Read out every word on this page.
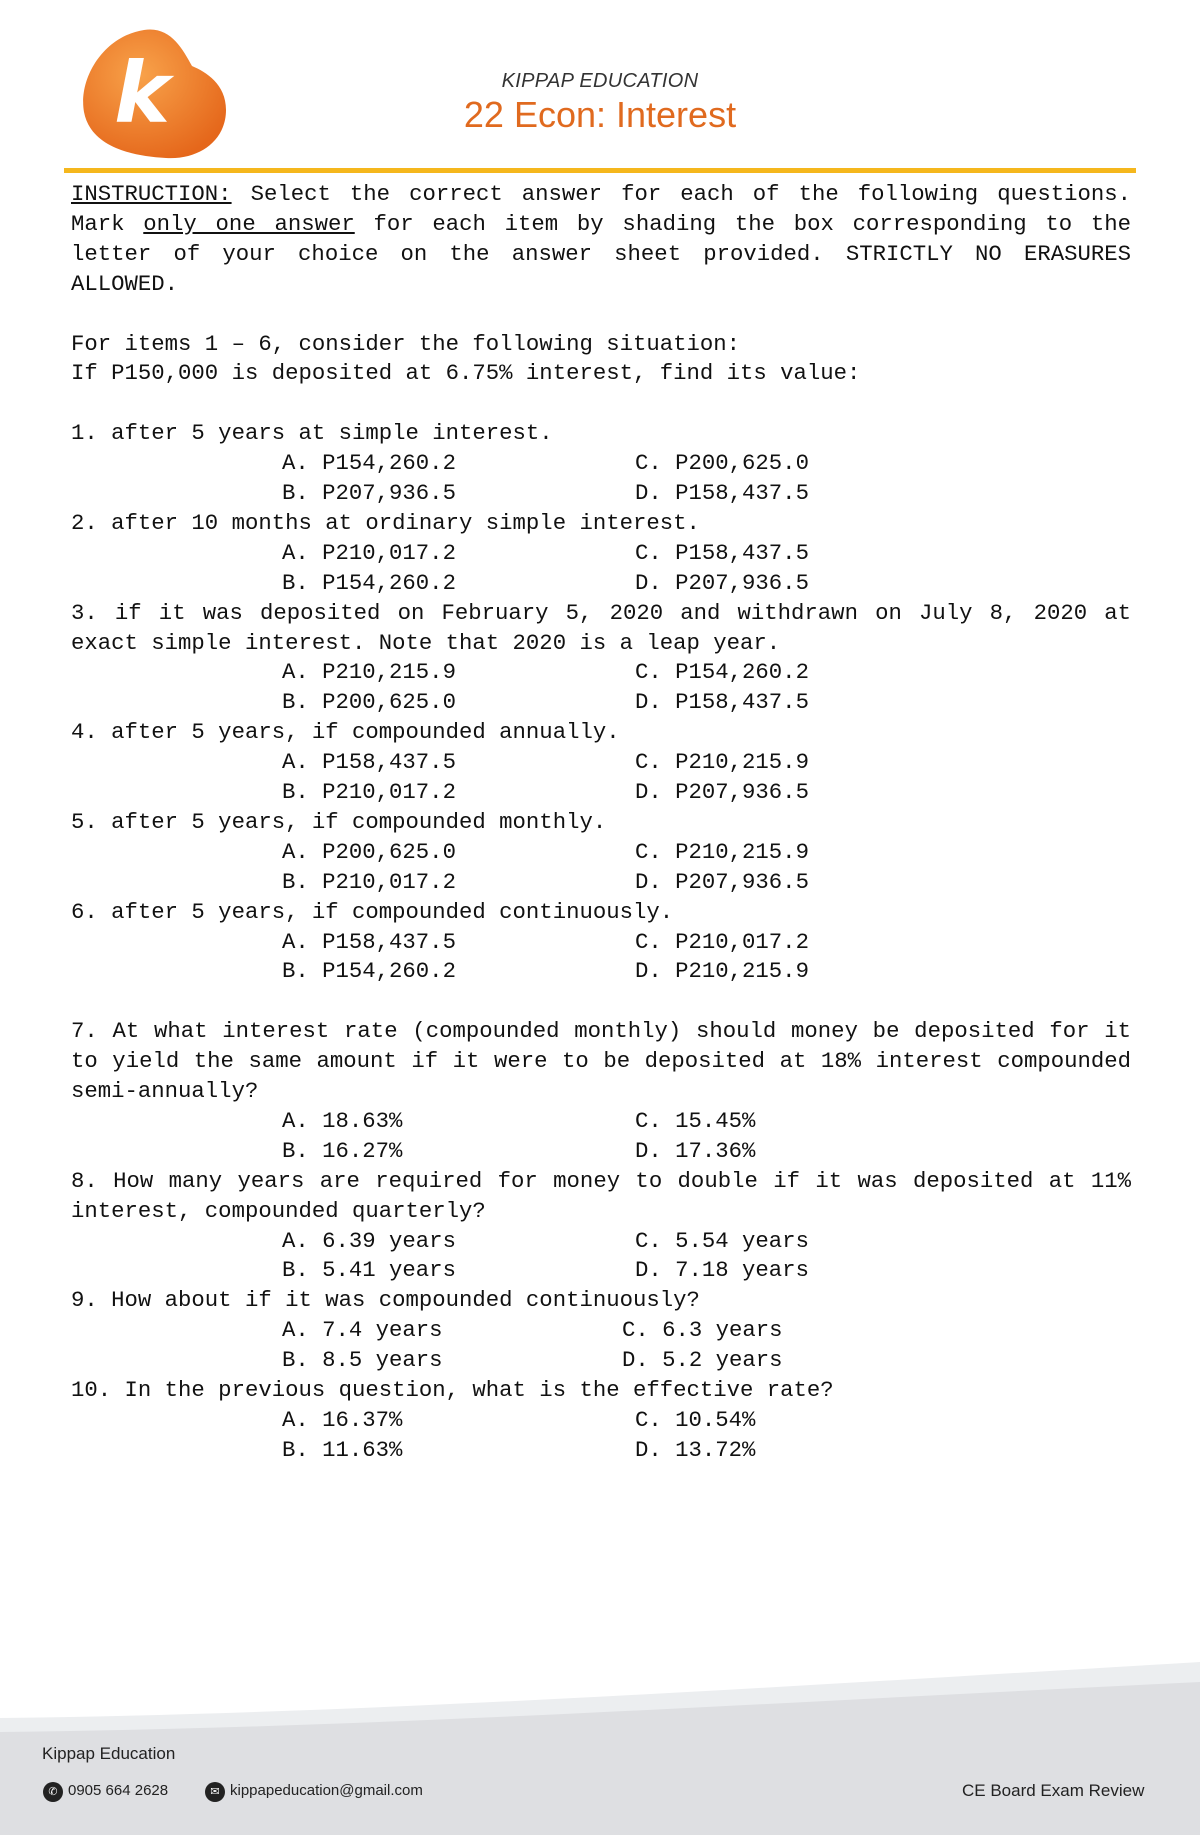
k	KIPPAP EDUCATION
22 Econ: Interest
INSTRUCTION: Select the correct answer for each of the following questions. Mark only one answer for each item by shading the box corresponding to the letter of your choice on the answer sheet provided. STRICTLY NO ERASURES ALLOWED.
For items 1 – 6, consider the following situation:
If P150,000 is deposited at 6.75% interest, find its value:
1. after 5 years at simple interest.
A. P154,260.2	C. P200,625.0
B. P207,936.5	D. P158,437.5
2. after 10 months at ordinary simple interest.
A. P210,017.2	C. P158,437.5
B. P154,260.2	D. P207,936.5
3. if it was deposited on February 5, 2020 and withdrawn on July 8, 2020 at exact simple interest. Note that 2020 is a leap year.
A. P210,215.9	C. P154,260.2
B. P200,625.0	D. P158,437.5
4. after 5 years, if compounded annually.
A. P158,437.5	C. P210,215.9
B. P210,017.2	D. P207,936.5
5. after 5 years, if compounded monthly.
A. P200,625.0	C. P210,215.9
B. P210,017.2	D. P207,936.5
6. after 5 years, if compounded continuously.
A. P158,437.5	C. P210,017.2
B. P154,260.2	D. P210,215.9
7. At what interest rate (compounded monthly) should money be deposited for it to yield the same amount if it were to be deposited at 18% interest compounded semi-annually?
A. 18.63%	C. 15.45%
B. 16.27%	D. 17.36%
8. How many years are required for money to double if it was deposited at 11% interest, compounded quarterly?
A. 6.39 years	C. 5.54 years
B. 5.41 years	D. 7.18 years
9. How about if it was compounded continuously?
A. 7.4 years	C. 6.3 years
B. 8.5 years	D. 5.2 years
10. In the previous question, what is the effective rate?
A. 16.37%	C. 10.54%
B. 11.63%	D. 13.72%
Kippap Education
✆ 0905 664 2628	✉ kippapeducation@gmail.com	CE Board Exam Review
